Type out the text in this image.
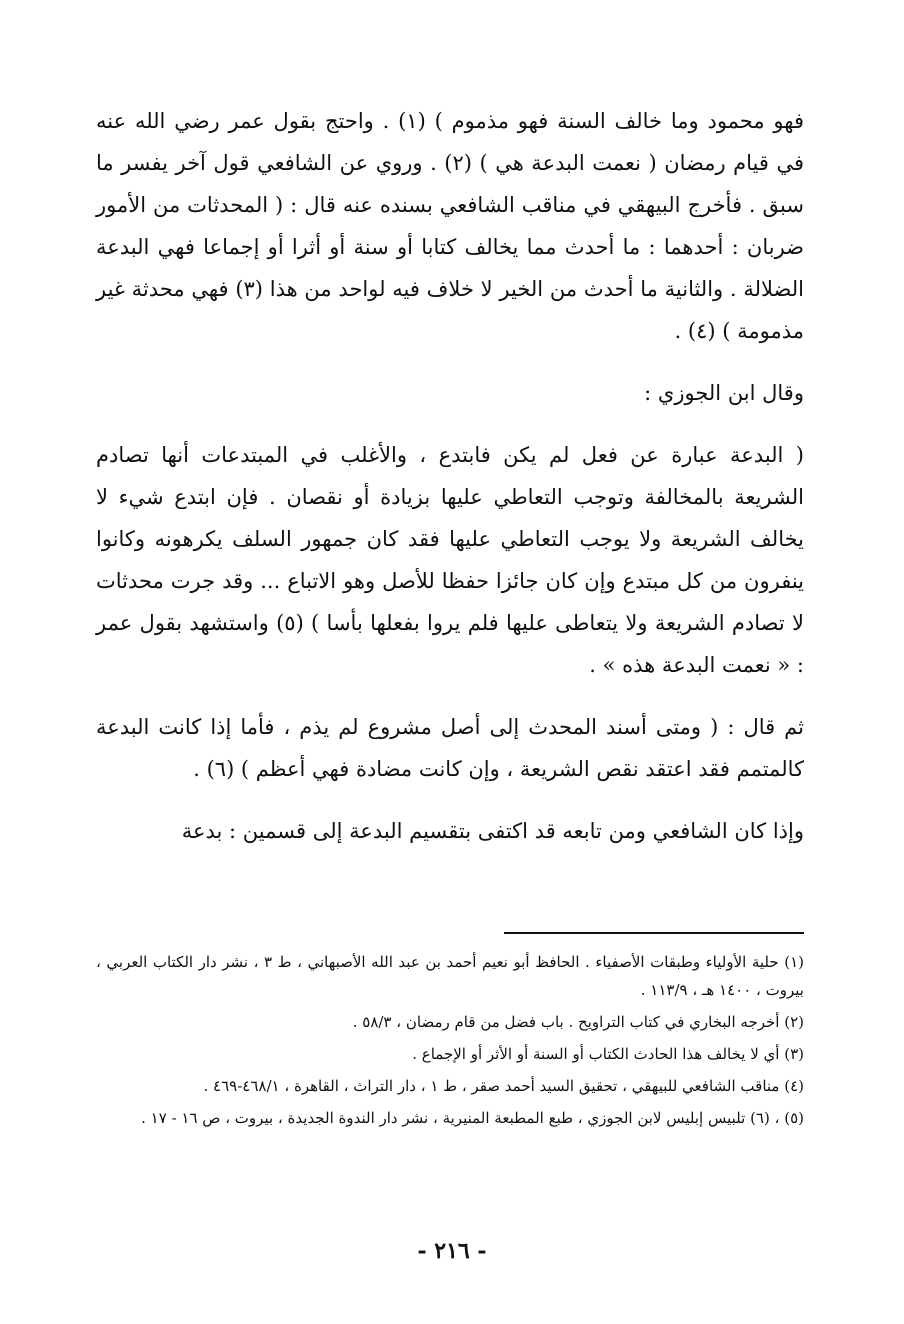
فهو محمود وما خالف السنة فهو مذموم ) (١) . واحتج بقول عمر رضي الله عنه في قيام رمضان ( نعمت البدعة هي ) (٢) . وروي عن الشافعي قول آخر يفسر ما سبق . فأخرج البيهقي في مناقب الشافعي بسنده عنه قال : ( المحدثات من الأمور ضربان : أحدهما : ما أحدث مما يخالف كتابا أو سنة أو أثرا أو إجماعا فهي البدعة الضلالة . والثانية ما أحدث من الخير لا خلاف فيه لواحد من هذا (٣) فهي محدثة غير مذمومة ) (٤) .

وقال ابن الجوزي :

( البدعة عبارة عن فعل لم يكن فابتدع ، والأغلب في المبتدعات أنها تصادم الشريعة بالمخالفة وتوجب التعاطي عليها بزيادة أو نقصان . فإن ابتدع شيء لا يخالف الشريعة ولا يوجب التعاطي عليها فقد كان جمهور السلف يكرهونه وكانوا ينفرون من كل مبتدع وإن كان جائزا حفظا للأصل وهو الاتباع ... وقد جرت محدثات لا تصادم الشريعة ولا يتعاطى عليها فلم يروا بفعلها بأسا ) (٥) واستشهد بقول عمر : « نعمت البدعة هذه » .

ثم قال : ( ومتى أسند المحدث إلى أصل مشروع لم يذم ، فأما إذا كانت البدعة كالمتمم فقد اعتقد نقص الشريعة ، وإن كانت مضادة فهي أعظم ) (٦) .

وإذا كان الشافعي ومن تابعه قد اكتفى بتقسيم البدعة إلى قسمين : بدعة

(١) حلية الأولياء وطبقات الأصفياء . الحافظ أبو نعيم أحمد بن عبد الله الأصبهاني ، ط ٣ ، نشر دار الكتاب العربي ، بيروت ، ١٤٠٠ هـ ، ١١٣/٩ .

(٢) أخرجه البخاري في كتاب التراويح . باب فضل من قام رمضان ، ٥٨/٣ .

(٣) أي لا يخالف هذا الحادث الكتاب أو السنة أو الأثر أو الإجماع .

(٤) مناقب الشافعي للبيهقي ، تحقيق السيد أحمد صقر ، ط ١ ، دار التراث ، القاهرة ، ٤٦٨/١-٤٦٩ .

(٥) ، (٦) تلبيس إبليس لابن الجوزي ، طبع المطبعة المنيرية ، نشر دار الندوة الجديدة ، بيروت ، ص ١٦ - ١٧ .

- ٢١٦ -
